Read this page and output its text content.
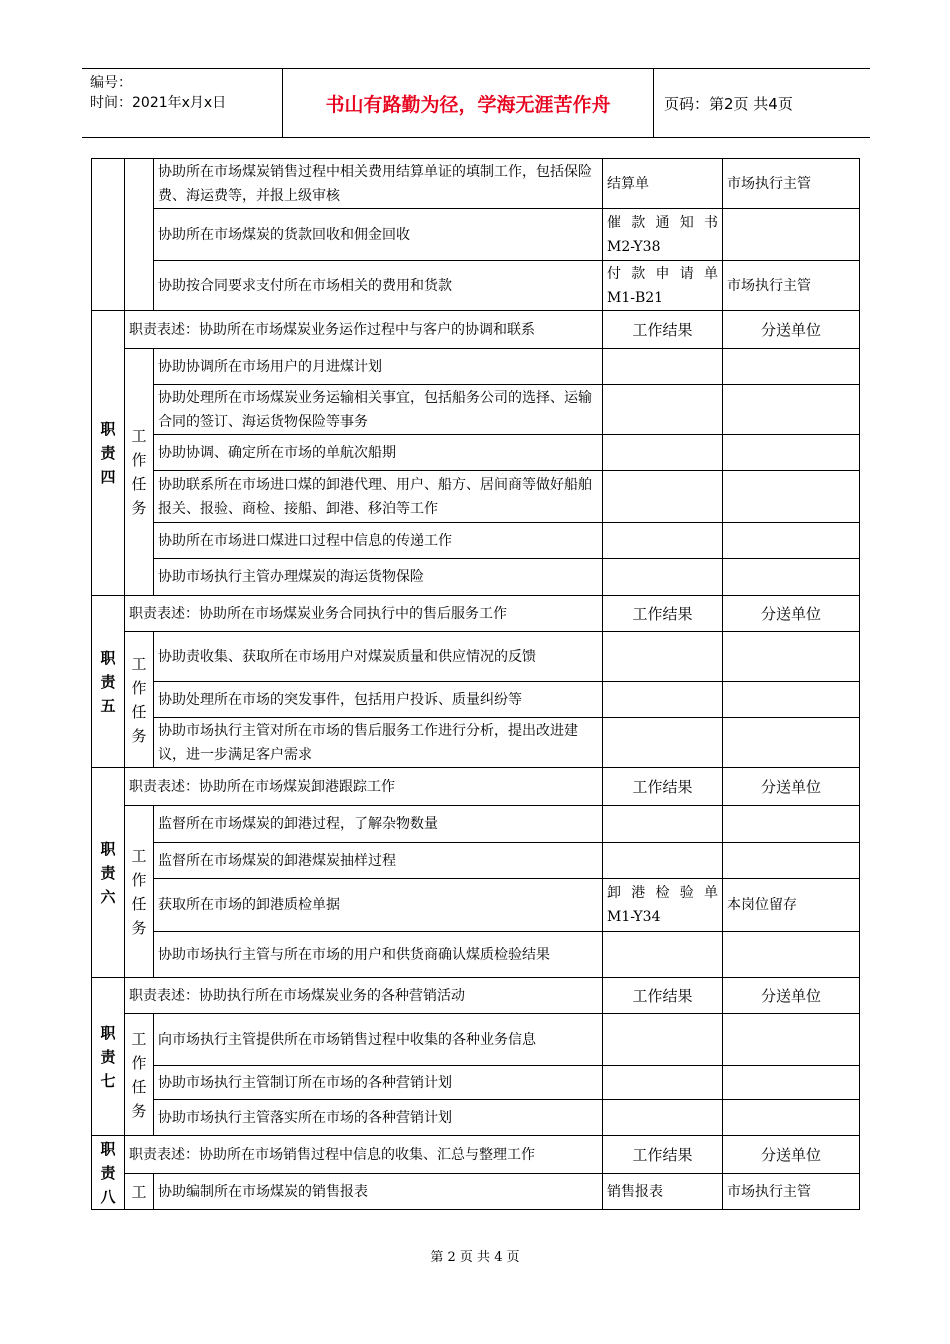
编号：
时间：2021年x月x日	书山有路勤为径，学海无涯苦作舟	页码：第2页 共4页
		协助所在市场煤炭销售过程中相关费用结算单证的填制工作，包括保险费、海运费等，并报上级审核	结算单	市场执行主管
		协助所在市场煤炭的货款回收和佣金回收	催款通知书
M2-Y38	
		协助按合同要求支付所在市场相关的费用和货款	付款申请单
M1-B21	市场执行主管
职责四	职责表述：协助所在市场煤炭业务运作过程中与客户的协调和联系		工作结果	分送单位
	工作任务	协助协调所在市场用户的月进煤计划		
		协助处理所在市场煤炭业务运输相关事宜，包括船务公司的选择、运输合同的签订、海运货物保险等事务		
		协助协调、确定所在市场的单航次船期		
		协助联系所在市场进口煤的卸港代理、用户、船方、居间商等做好船舶报关、报验、商检、接船、卸港、移泊等工作		
		协助所在市场进口煤进口过程中信息的传递工作		
		协助市场执行主管办理煤炭的海运货物保险		
职责五	职责表述：协助所在市场煤炭业务合同执行中的售后服务工作		工作结果	分送单位
	工作任务	协助责收集、获取所在市场用户对煤炭质量和供应情况的反馈		
		协助处理所在市场的突发事件，包括用户投诉、质量纠纷等		
		协助市场执行主管对所在市场的售后服务工作进行分析，提出改进建议，进一步满足客户需求		
职责六	职责表述：协助所在市场煤炭卸港跟踪工作		工作结果	分送单位
	工作任务	监督所在市场煤炭的卸港过程，了解杂物数量		
		监督所在市场煤炭的卸港煤炭抽样过程		
		获取所在市场的卸港质检单据	卸港检验单
M1-Y34	本岗位留存
		协助市场执行主管与所在市场的用户和供货商确认煤质检验结果		
职责七	职责表述：协助执行所在市场煤炭业务的各种营销活动		工作结果	分送单位
	工作任务	向市场执行主管提供所在市场销售过程中收集的各种业务信息		
		协助市场执行主管制订所在市场的各种营销计划		
		协助市场执行主管落实所在市场的各种营销计划		
职责八	职责表述：协助所在市场销售过程中信息的收集、汇总与整理工作		工作结果	分送单位
	工	协助编制所在市场煤炭的销售报表	销售报表	市场执行主管
第 2 页 共 4 页
